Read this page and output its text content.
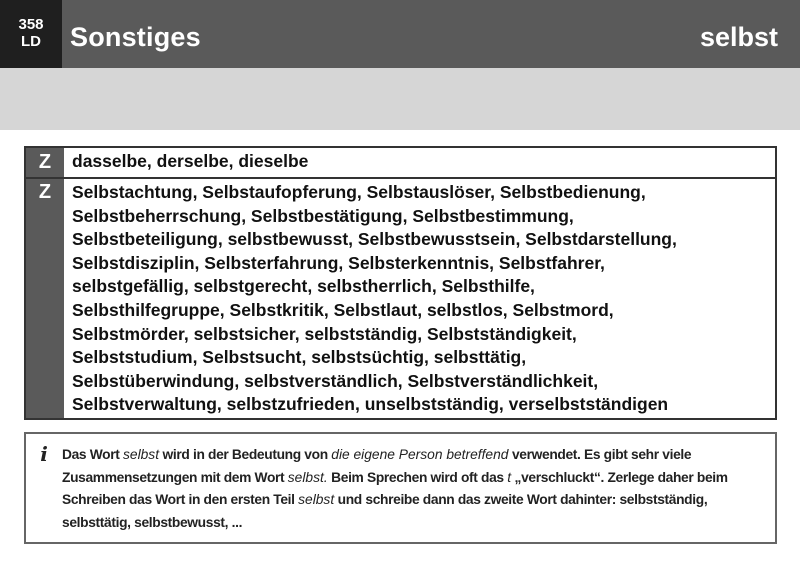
358
LD	Sonstiges	selbst
Z	dasselbe, derselbe, dieselbe
Z	Selbstachtung, Selbstaufopferung, Selbstauslöser, Selbstbedienung,
Selbstbeherrschung, Selbstbestätigung, Selbstbestimmung,
Selbstbeteiligung, selbstbewusst, Selbstbewusstsein, Selbstdarstellung,
Selbstdisziplin, Selbsterfahrung, Selbsterkenntnis, Selbstfahrer,
selbstgefällig, selbstgerecht, selbstherrlich, Selbsthilfe,
Selbsthilfegruppe, Selbstkritik, Selbstlaut, selbstlos, Selbstmord,
Selbstmörder, selbstsicher, selbstständig, Selbstständigkeit,
Selbststudium, Selbstsucht, selbstsüchtig, selbsttätig,
Selbstüberwindung, selbstverständlich, Selbstverständlichkeit,
Selbstverwaltung, selbstzufrieden, unselbstständig, verselbstständigen
i	Das Wort selbst wird in der Bedeutung von die eigene Person betreffend verwendet. Es gibt sehr viele Zusammensetzungen mit dem Wort selbst. Beim Sprechen wird oft das t „verschluckt“. Zerlege daher beim Schreiben das Wort in den ersten Teil selbst und schreibe dann das zweite Wort dahinter: selbstständig, selbsttätig, selbstbewusst, ...
